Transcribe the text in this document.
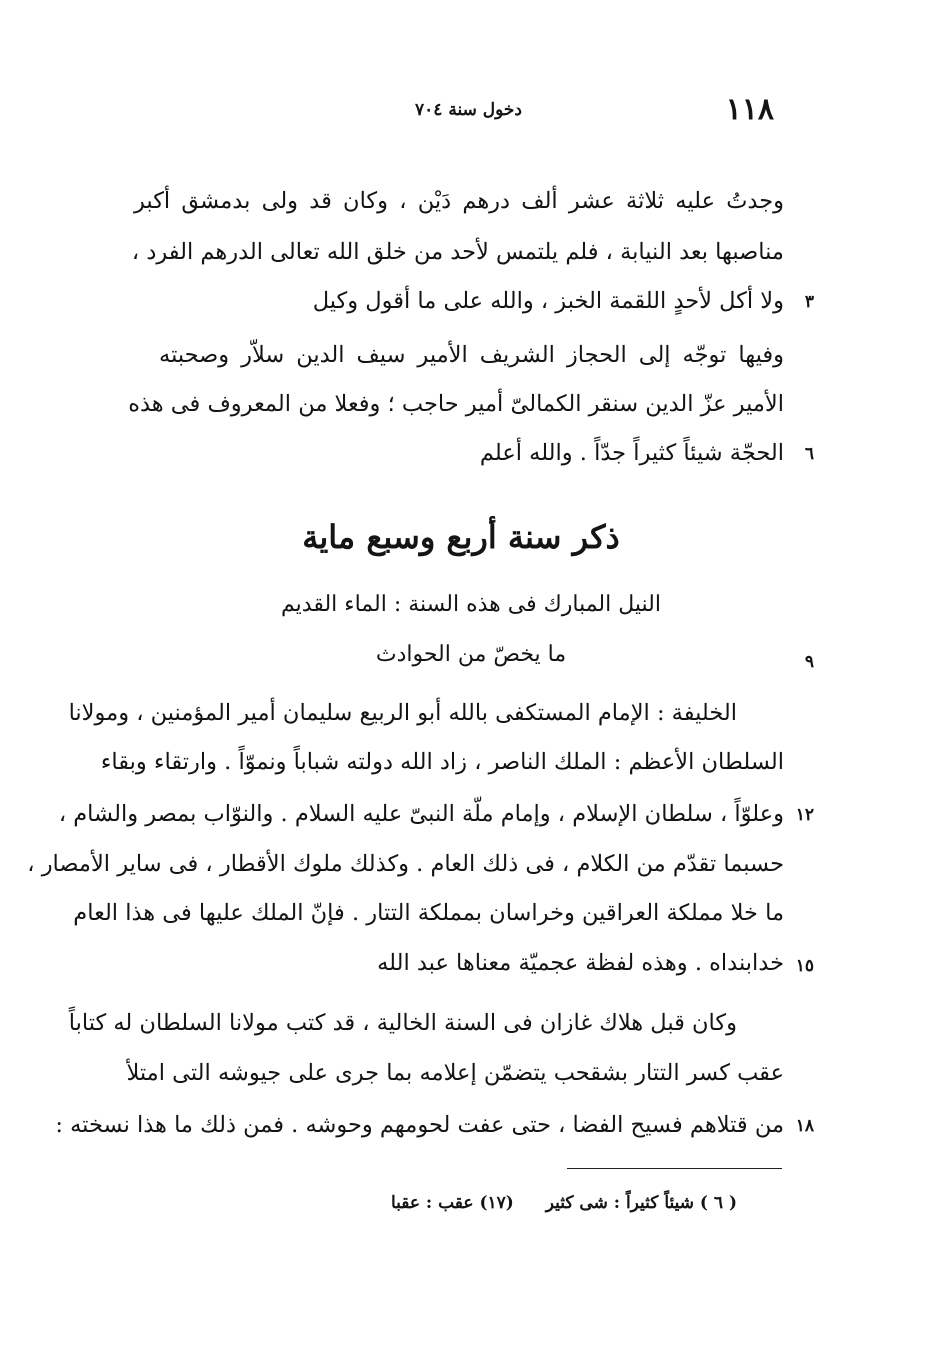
١١٨
دخول سنة ٧٠٤
وجدتُ عليه ثلاثة عشر ألف درهم دَيْن ، وكان قد ولى بدمشق أكبر
مناصبها بعد النيابة ، فلم يلتمس لأحد من خلق الله تعالى الدرهم الفرد ،
ولا أكل لأحدٍ اللقمة الخبز ، والله على ما أقول وكيل ٣
وفيها توجّه إلى الحجاز الشريف الأمير سيف الدين سلاّر وصحبته
الأمير عزّ الدين سنقر الكمالىّ أمير حاجب ؛ وفعلا من المعروف فى هذه
الحجّة شيئاً كثيراً جدّاً . والله أعلم ٦
ذكر سنة أربع وسبع ماية
النيل المبارك فى هذه السنة : الماء القديم
ما يخصّ من الحوادث	٩
الخليفة : الإمام المستكفى بالله أبو الربيع سليمان أمير المؤمنين ، ومولانا
السلطان الأعظم : الملك الناصر ، زاد الله دولته شباباً ونموّاً . وارتقاء وبقاء
وعلوّاً ، سلطان الإسلام ، وإمام ملّة النبىّ عليه السلام . والنوّاب بمصر والشام ، ١٢
حسبما تقدّم من الكلام ، فى ذلك العام . وكذلك ملوك الأقطار ، فى ساير الأمصار ،
ما خلا مملكة العراقين وخراسان بمملكة التتار . فإنّ الملك عليها فى هذا العام
خدابنداه . وهذه لفظة عجميّة معناها عبد الله ١٥
وكان قبل هلاك غازان فى السنة الخالية ، قد كتب مولانا السلطان له كتاباً
عقب كسر التتار بشقحب يتضمّن إعلامه بما جرى على جيوشه التى امتلأ
من قتلاهم فسيح الفضا ، حتى عفت لحومهم وحوشه . فمن ذلك ما هذا نسخته : ١٨
( ٦ ) شيئاً كثيراً : شى كثير (١٧) عقب : عقبا
